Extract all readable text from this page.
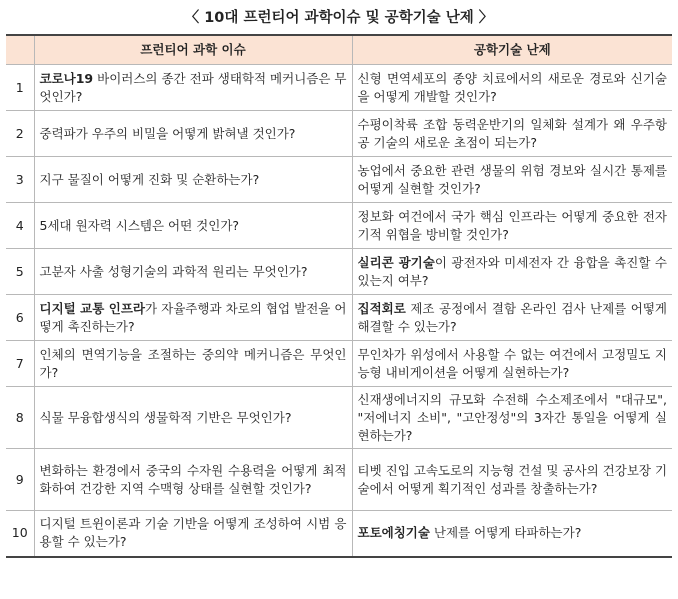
〈 10대 프런티어 과학이슈 및 공학기술 난제 〉
	프런티어 과학 이슈	공학기술 난제
1	코로나19 바이러스의 종간 전파 생태학적 메커니즘은 무엇인가?	신형 면역세포의 종양 치료에서의 새로운 경로와 신기술을 어떻게 개발할 것인가?
2	중력파가 우주의 비밀을 어떻게 밝혀낼 것인가?	수평이착륙 조합 동력운반기의 일체화 설계가 왜 우주항공 기술의 새로운 초점이 되는가?
3	지구 물질이 어떻게 진화 및 순환하는가?	농업에서 중요한 관련 생물의 위험 경보와 실시간 통제를 어떻게 실현할 것인가?
4	5세대 원자력 시스템은 어떤 것인가?	정보화 여건에서 국가 핵심 인프라는 어떻게 중요한 전자기적 위협을 방비할 것인가?
5	고분자 사출 성형기술의 과학적 원리는 무엇인가?	실리콘 광기술이 광전자와 미세전자 간 융합을 촉진할 수 있는지 여부?
6	디지털 교통 인프라가 자율주행과 차로의 협업 발전을 어떻게 촉진하는가?	집적회로 제조 공정에서 결함 온라인 검사 난제를 어떻게 해결할 수 있는가?
7	인체의 면역기능을 조절하는 중의약 메커니즘은 무엇인가?	무인차가 위성에서 사용할 수 없는 여건에서 고정밀도 지능형 내비게이션을 어떻게 실현하는가?
8	식물 무융합생식의 생물학적 기반은 무엇인가?	신재생에너지의 규모화 수전해 수소제조에서 "대규모", "저에너지 소비", "고안정성"의 3자간 통일을 어떻게 실현하는가?
9	변화하는 환경에서 중국의 수자원 수용력을 어떻게 최적화하여 건강한 지역 수맥형 상태를 실현할 것인가?	티벳 진입 고속도로의 지능형 건설 및 공사의 건강보장 기술에서 어떻게 획기적인 성과를 창출하는가?
10	디지털 트윈이론과 기술 기반을 어떻게 조성하여 시범 응용할 수 있는가?	포토에칭기술 난제를 어떻게 타파하는가?
